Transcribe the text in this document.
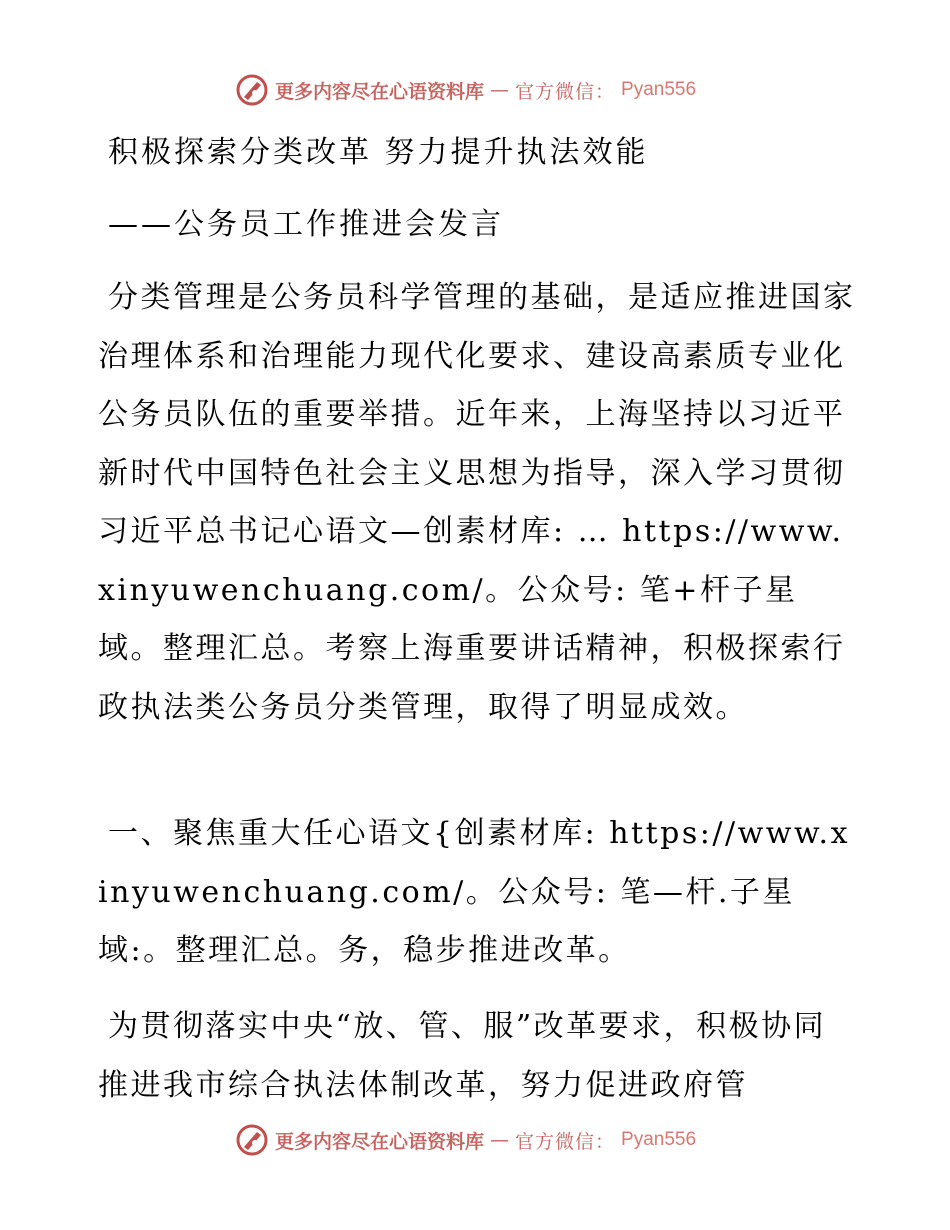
更多内容尽在心语资料库 — 官方微信： Pyan556
积极探索分类改革 努力提升执法效能
——公务员工作推进会发言
分类管理是公务员科学管理的基础，是适应推进国家治理体系和治理能力现代化要求、建设高素质专业化公务员队伍的重要举措。近年来，上海坚持以习近平新时代中国特色社会主义思想为指导，深入学习贯彻习近平总书记心语文—创素材库: … https://www.xinyuwenchuang.com/。公众号: 笔+杆子星域。整理汇总。考察上海重要讲话精神，积极探索行政执法类公务员分类管理，取得了明显成效。
一、聚焦重大任心语文{创素材库: https://www.xinyuwenchuang.com/。公众号: 笔—杆.子星域:。整理汇总。务，稳步推进改革。
为贯彻落实中央“放、管、服”改革要求，积极协同推进我市综合执法体制改革，努力促进政府管
更多内容尽在心语资料库 — 官方微信： Pyan556
